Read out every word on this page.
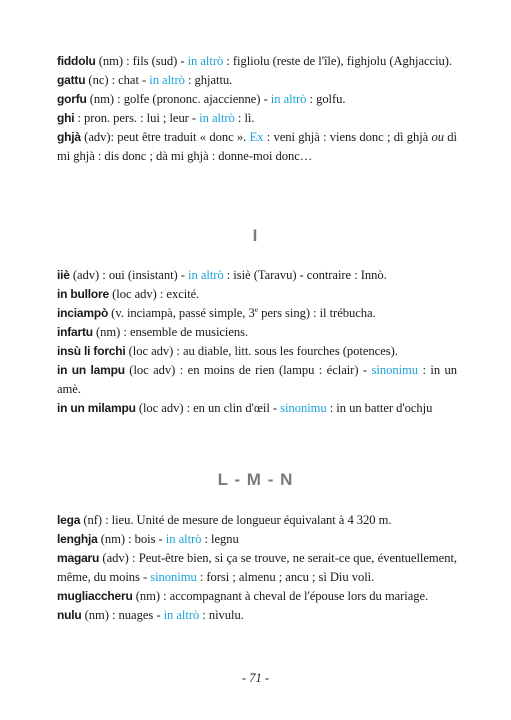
fiddolu (nm) : fils (sud) - in altrò : figliolu (reste de l'île), fighjolu (Aghjacciu).
gattu (nc) : chat - in altrò : ghjattu.
gorfu (nm) : golfe (prononc. ajaccienne) - in altrò : golfu.
ghi : pron. pers. : lui ; leur - in altrò : lì.
ghjà (adv): peut être traduit « donc ». Ex : veni ghjà : viens donc ; dì ghjà ou dì mi ghjà : dis donc ; dà mi ghjà : donne-moi donc…
I
iiè (adv) : oui (insistant) - in altrò : isiè (Taravu) - contraire : Innò.
in bullore (loc adv) : excité.
inciampò (v. inciampà, passé simple, 3e pers sing) : il trébucha.
infartu (nm) : ensemble de musiciens.
insù li forchi (loc adv) : au diable, litt. sous les fourches (potences).
in un lampu (loc adv) : en moins de rien (lampu : éclair) - sinonimu : in un amè.
in un milampu (loc adv) : en un clin d'œil - sinonimu : in un batter d'ochju
L - M - N
lega (nf) : lieu. Unité de mesure de longueur équivalant à 4 320 m.
lenghja (nm) : bois - in altrò : legnu
magaru (adv) : Peut-être bien, si ça se trouve, ne serait-ce que, éventuellement, même, du moins - sinonimu : forsi ; almenu ; ancu ; sì Diu volì.
mugliaccheru (nm) : accompagnant à cheval de l'épouse lors du mariage.
nulu (nm) : nuages - in altrò : nìvulu.
- 71 -
